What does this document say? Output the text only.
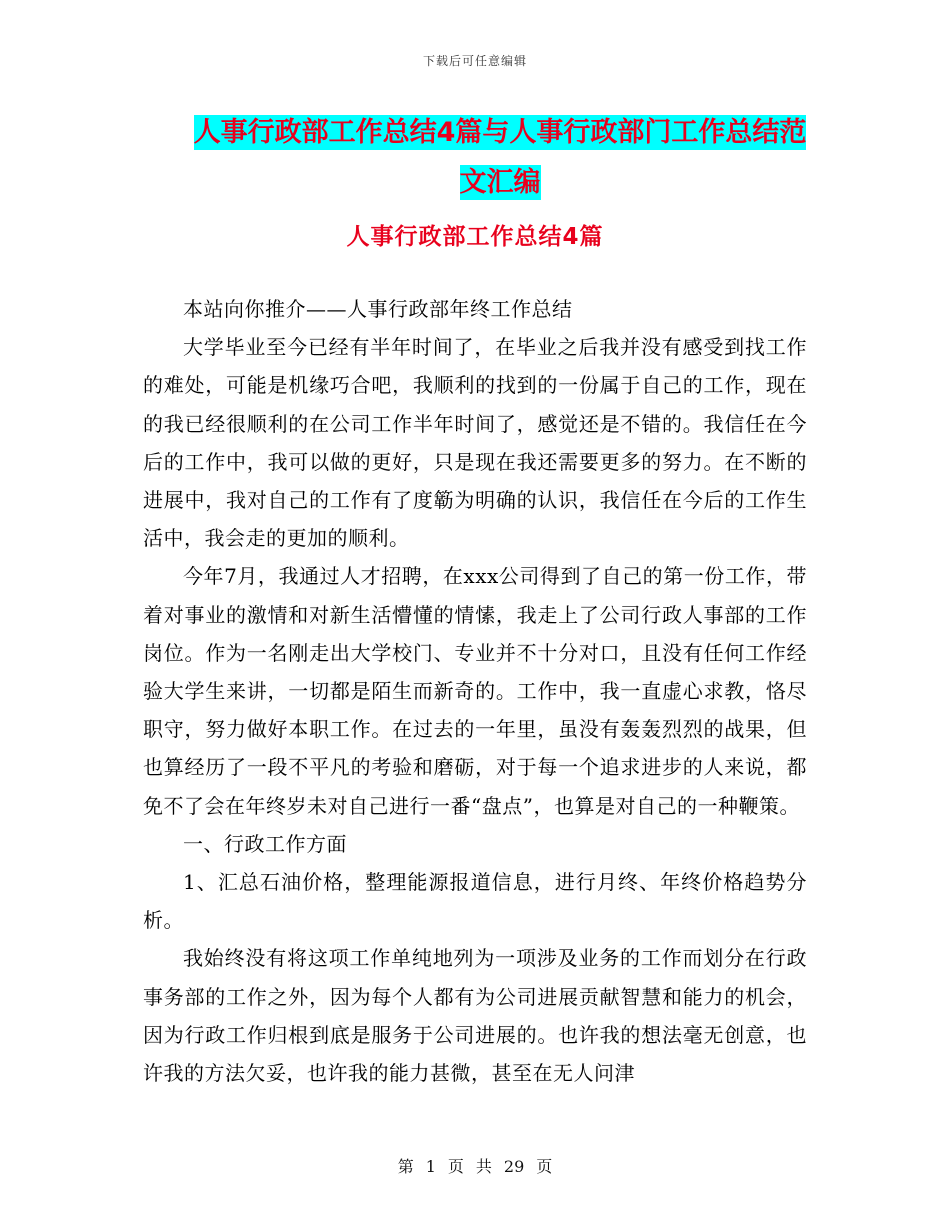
下载后可任意编辑
人事行政部工作总结4篇与人事行政部门工作总结范
文汇编
人事行政部工作总结4篇

本站向你推介——人事行政部年终工作总结

大学毕业至今已经有半年时间了，在毕业之后我并没有感受到找工作的难处，可能是机缘巧合吧，我顺利的找到的一份属于自己的工作，现在的我已经很顺利的在公司工作半年时间了，感觉还是不错的。我信任在今后的工作中，我可以做的更好，只是现在我还需要更多的努力。在不断的进展中，我对自己的工作有了度簕为明确的认识，我信任在今后的工作生活中，我会走的更加的顺利。

今年7月，我通过人才招聘，在xxx公司得到了自己的第一份工作，带着对事业的激情和对新生活懵懂的情愫，我走上了公司行政人事部的工作岗位。作为一名刚走出大学校门、专业并不十分对口，且没有任何工作经验大学生来讲，一切都是陌生而新奇的。工作中，我一直虚心求教，恪尽职守，努力做好本职工作。在过去的一年里，虽没有轰轰烈烈的战果，但也算经历了一段不平凡的考验和磨砺，对于每一个追求进步的人来说，都免不了会在年终岁未对自己进行一番“盘点”，也算是对自己的一种鞭策。

一、行政工作方面

1、汇总石油价格，整理能源报道信息，进行月终、年终价格趋势分析。

我始终没有将这项工作单纯地列为一项涉及业务的工作而划分在行政事务部的工作之外，因为每个人都有为公司进展贡献智慧和能力的机会，因为行政工作归根到底是服务于公司进展的。也许我的想法毫无创意，也许我的方法欠妥，也许我的能力甚微，甚至在无人问津

第 1 页 共 29 页
